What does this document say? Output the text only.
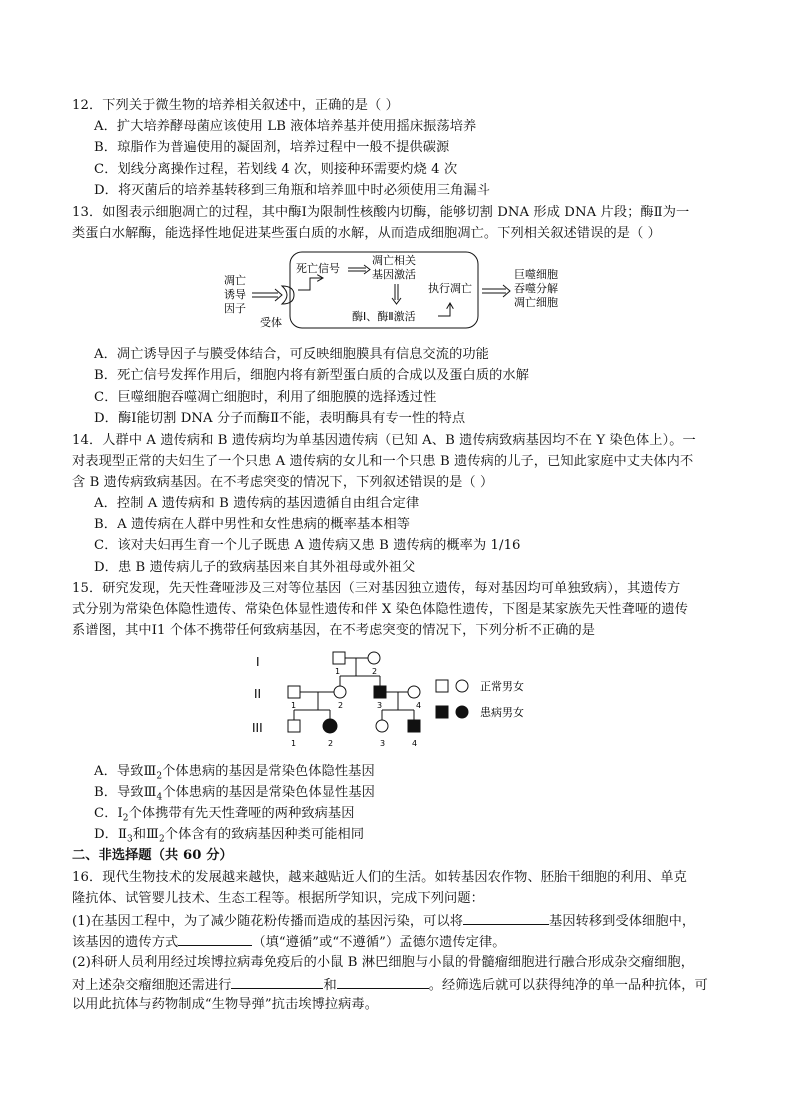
12．下列关于微生物的培养相关叙述中，正确的是（ ）
A．扩大培养酵母菌应该使用 LB 液体培养基并使用摇床振荡培养
B．琼脂作为普遍使用的凝固剂，培养过程中一般不提供碳源
C．划线分离操作过程，若划线 4 次，则接种环需要灼烧 4 次
D．将灭菌后的培养基转移到三角瓶和培养皿中时必须使用三角漏斗
13．如图表示细胞凋亡的过程，其中酶Ⅰ为限制性核酸内切酶，能够切割 DNA 形成 DNA 片段；酶Ⅱ为一
类蛋白水解酶，能选择性地促进某些蛋白质的水解，从而造成细胞凋亡。下列相关叙述错误的是（ ）
凋亡
诱导
因子
受体
死亡信号
凋亡相关
基因激活
酶Ⅰ、酶Ⅱ激活
执行凋亡
巨噬细胞
吞噬分解
凋亡细胞
A．凋亡诱导因子与膜受体结合，可反映细胞膜具有信息交流的功能
B．死亡信号发挥作用后，细胞内将有新型蛋白质的合成以及蛋白质的水解
C．巨噬细胞吞噬凋亡细胞时，利用了细胞膜的选择透过性
D．酶Ⅰ能切割 DNA 分子而酶Ⅱ不能，表明酶具有专一性的特点
14．人群中 A 遗传病和 B 遗传病均为单基因遗传病（已知 A、B 遗传病致病基因均不在 Y 染色体上）。一
对表现型正常的夫妇生了一个只患 A 遗传病的女儿和一个只患 B 遗传病的儿子，已知此家庭中丈夫体内不
含 B 遗传病致病基因。在不考虑突变的情况下，下列叙述错误的是（ ）
A．控制 A 遗传病和 B 遗传病的基因遗循自由组合定律
B．A 遗传病在人群中男性和女性患病的概率基本相等
C．该对夫妇再生育一个儿子既患 A 遗传病又患 B 遗传病的概率为 1/16
D．患 B 遗传病儿子的致病基因来自其外祖母或外祖父
15．研究发现，先天性聋哑涉及三对等位基因（三对基因独立遗传，每对基因均可单独致病），其遗传方
式分别为常染色体隐性遗传、常染色体显性遗传和伴 X 染色体隐性遗传，下图是某家族先天性聋哑的遗传
系谱图，其中Ⅰ1 个体不携带任何致病基因，在不考虑突变的情况下，下列分析不正确的是
I
II
III
1	2
1	2	3	4
1	2	3	4
正常男女
患病男女
A．导致$Ⅲ_2$个体患病的基因是常染色体隐性基因
B．导致$Ⅲ_4$个体患病的基因是常染色体显性基因
C．$Ⅰ_2$个体携带有先天性聋哑的两种致病基因
D．$Ⅱ_3$和$Ⅲ_2$个体含有的致病基因种类可能相同
二、非选择题（共 60 分）
16．现代生物技术的发展越来越快，越来越贴近人们的生活。如转基因农作物、胚胎干细胞的利用、单克
隆抗体、试管婴儿技术、生态工程等。根据所学知识，完成下列问题：
(1)在基因工程中，为了减少随花粉传播而造成的基因污染，可以将	基因转移到受体细胞中，
该基因的遗传方式	（填“遵循”或“不遵循”）孟德尔遗传定律。
(2)科研人员利用经过埃博拉病毒免疫后的小鼠 B 淋巴细胞与小鼠的骨髓瘤细胞进行融合形成杂交瘤细胞，
对上述杂交瘤细胞还需进行	和	。经筛选后就可以获得纯净的单一品种抗体，可
以用此抗体与药物制成“生物导弹”抗击埃博拉病毒。
